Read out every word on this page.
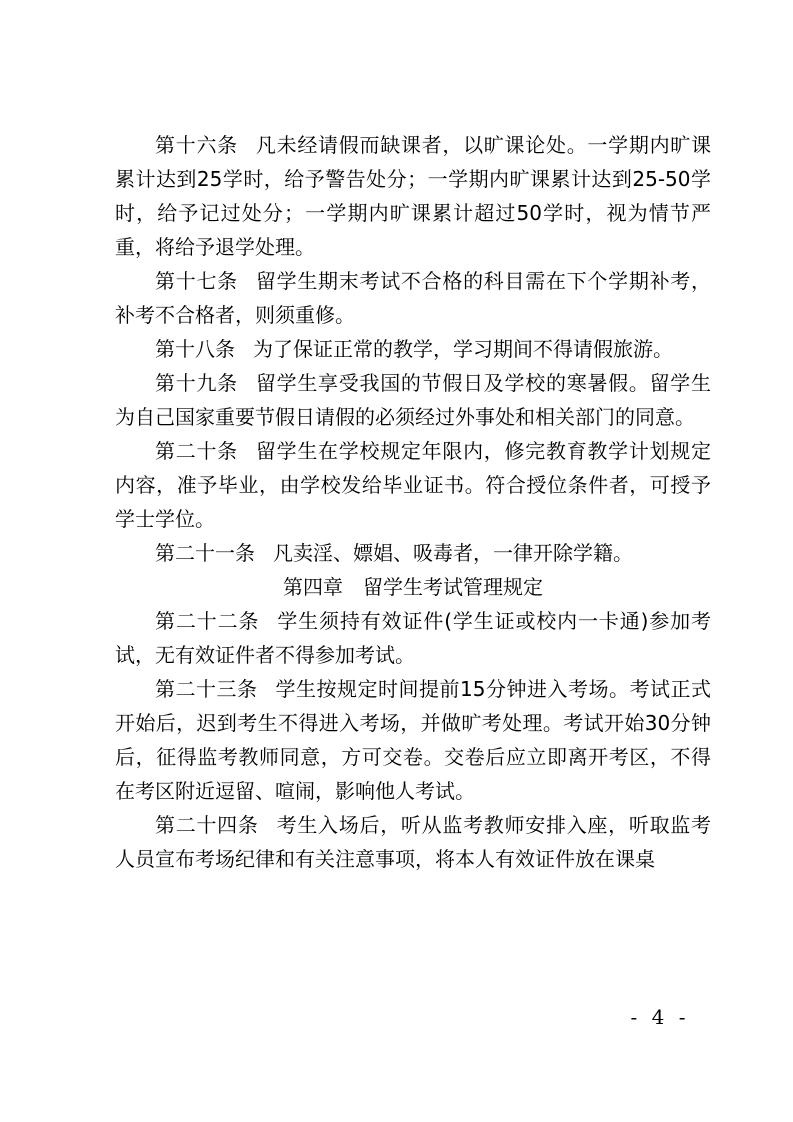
第十六条 凡未经请假而缺课者，以旷课论处。一学期内旷课累计达到25学时，给予警告处分；一学期内旷课累计达到25-50学时，给予记过处分；一学期内旷课累计超过50学时，视为情节严重，将给予退学处理。

第十七条 留学生期末考试不合格的科目需在下个学期补考，补考不合格者，则须重修。

第十八条 为了保证正常的教学，学习期间不得请假旅游。

第十九条 留学生享受我国的节假日及学校的寒暑假。留学生为自己国家重要节假日请假的必须经过外事处和相关部门的同意。

第二十条 留学生在学校规定年限内，修完教育教学计划规定内容，准予毕业，由学校发给毕业证书。符合授位条件者，可授予学士学位。

第二十一条 凡卖淫、嫖娼、吸毒者，一律开除学籍。

第四章　留学生考试管理规定

第二十二条 学生须持有效证件(学生证或校内一卡通)参加考试，无有效证件者不得参加考试。

第二十三条 学生按规定时间提前15分钟进入考场。考试正式开始后，迟到考生不得进入考场，并做旷考处理。考试开始30分钟后，征得监考教师同意，方可交卷。交卷后应立即离开考区，不得在考区附近逗留、喧闹，影响他人考试。

第二十四条 考生入场后，听从监考教师安排入座，听取监考人员宣布考场纪律和有关注意事项，将本人有效证件放在课桌

- 4 -
